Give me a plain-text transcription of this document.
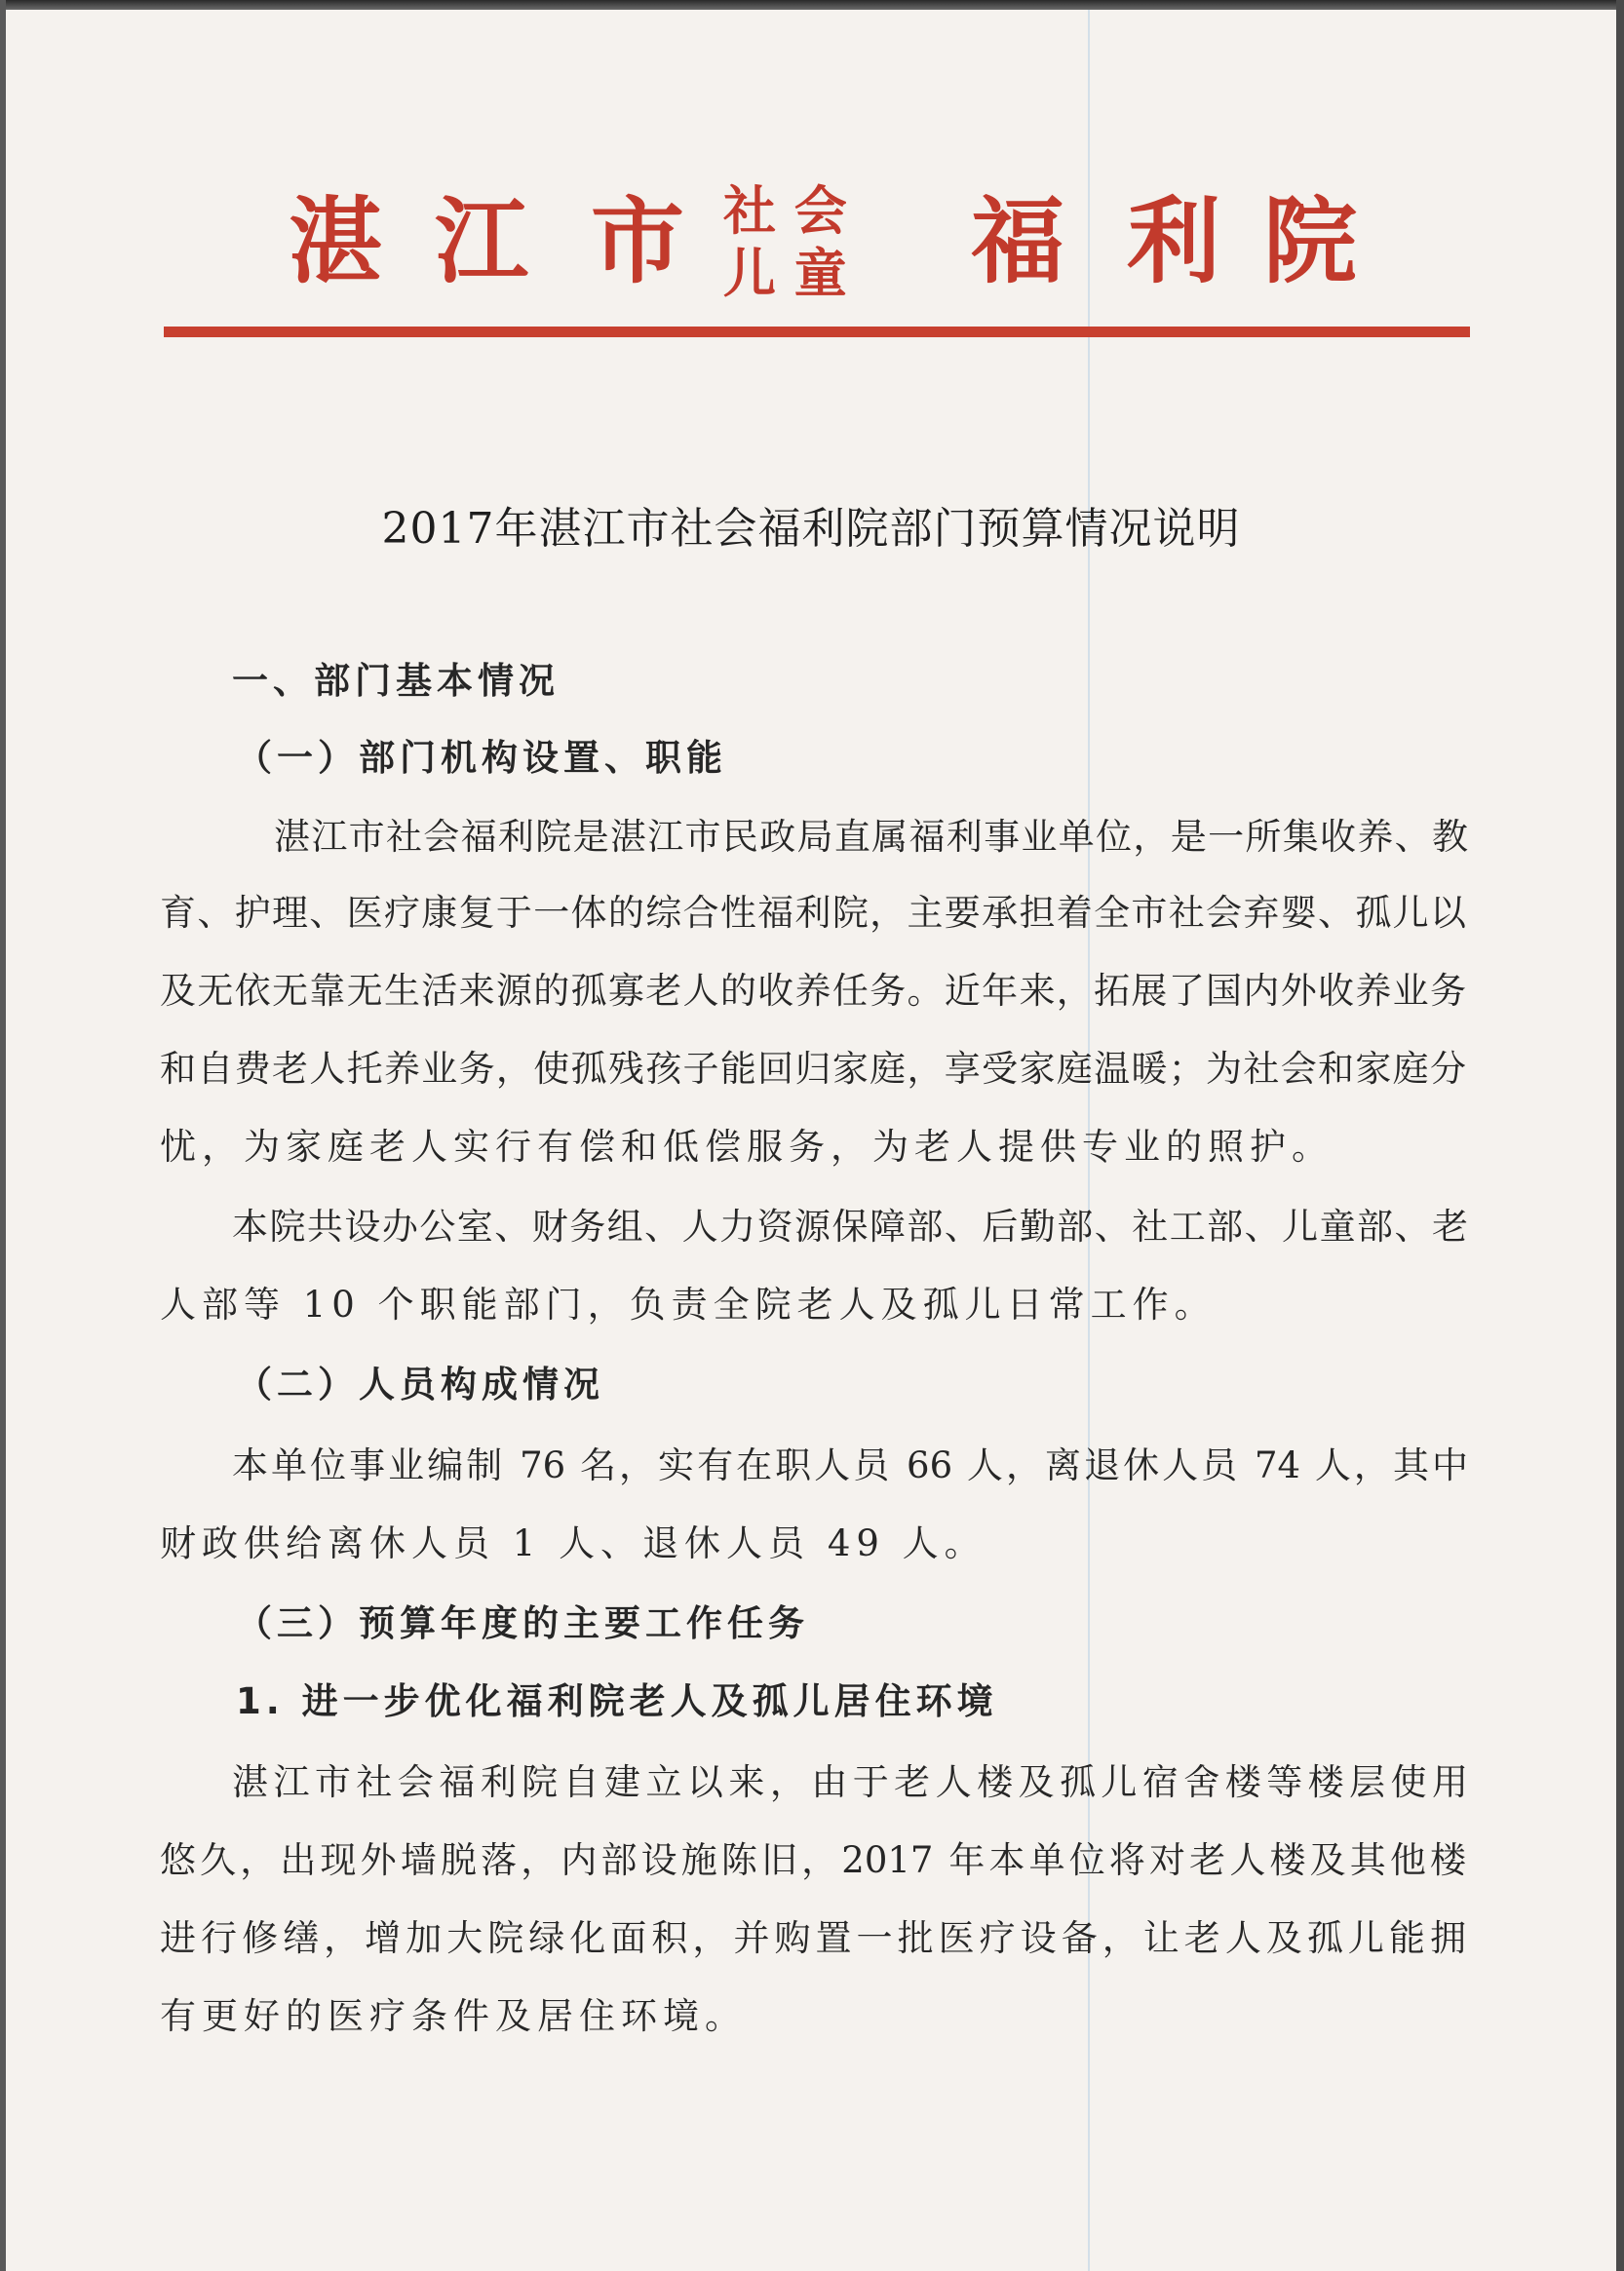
湛 江 市 社 会
儿 童 福 利 院
2017年湛江市社会福利院部门预算情况说明
一、部门基本情况
（一）部门机构设置、职能
湛江市社会福利院是湛江市民政局直属福利事业单位，是一所集收养、教
育、护理、医疗康复于一体的综合性福利院，主要承担着全市社会弃婴、孤儿以
及无依无靠无生活来源的孤寡老人的收养任务。近年来，拓展了国内外收养业务
和自费老人托养业务，使孤残孩子能回归家庭，享受家庭温暖；为社会和家庭分
忧，为家庭老人实行有偿和低偿服务，为老人提供专业的照护。
本院共设办公室、财务组、人力资源保障部、后勤部、社工部、儿童部、老
人部等 10 个职能部门，负责全院老人及孤儿日常工作。
（二）人员构成情况
本单位事业编制 76 名，实有在职人员 66 人，离退休人员 74 人，其中
财政供给离休人员 1 人、退休人员 49 人。
（三）预算年度的主要工作任务
1. 进一步优化福利院老人及孤儿居住环境
湛江市社会福利院自建立以来，由于老人楼及孤儿宿舍楼等楼层使用
悠久，出现外墙脱落，内部设施陈旧，2017 年本单位将对老人楼及其他楼
进行修缮，增加大院绿化面积，并购置一批医疗设备，让老人及孤儿能拥
有更好的医疗条件及居住环境。
